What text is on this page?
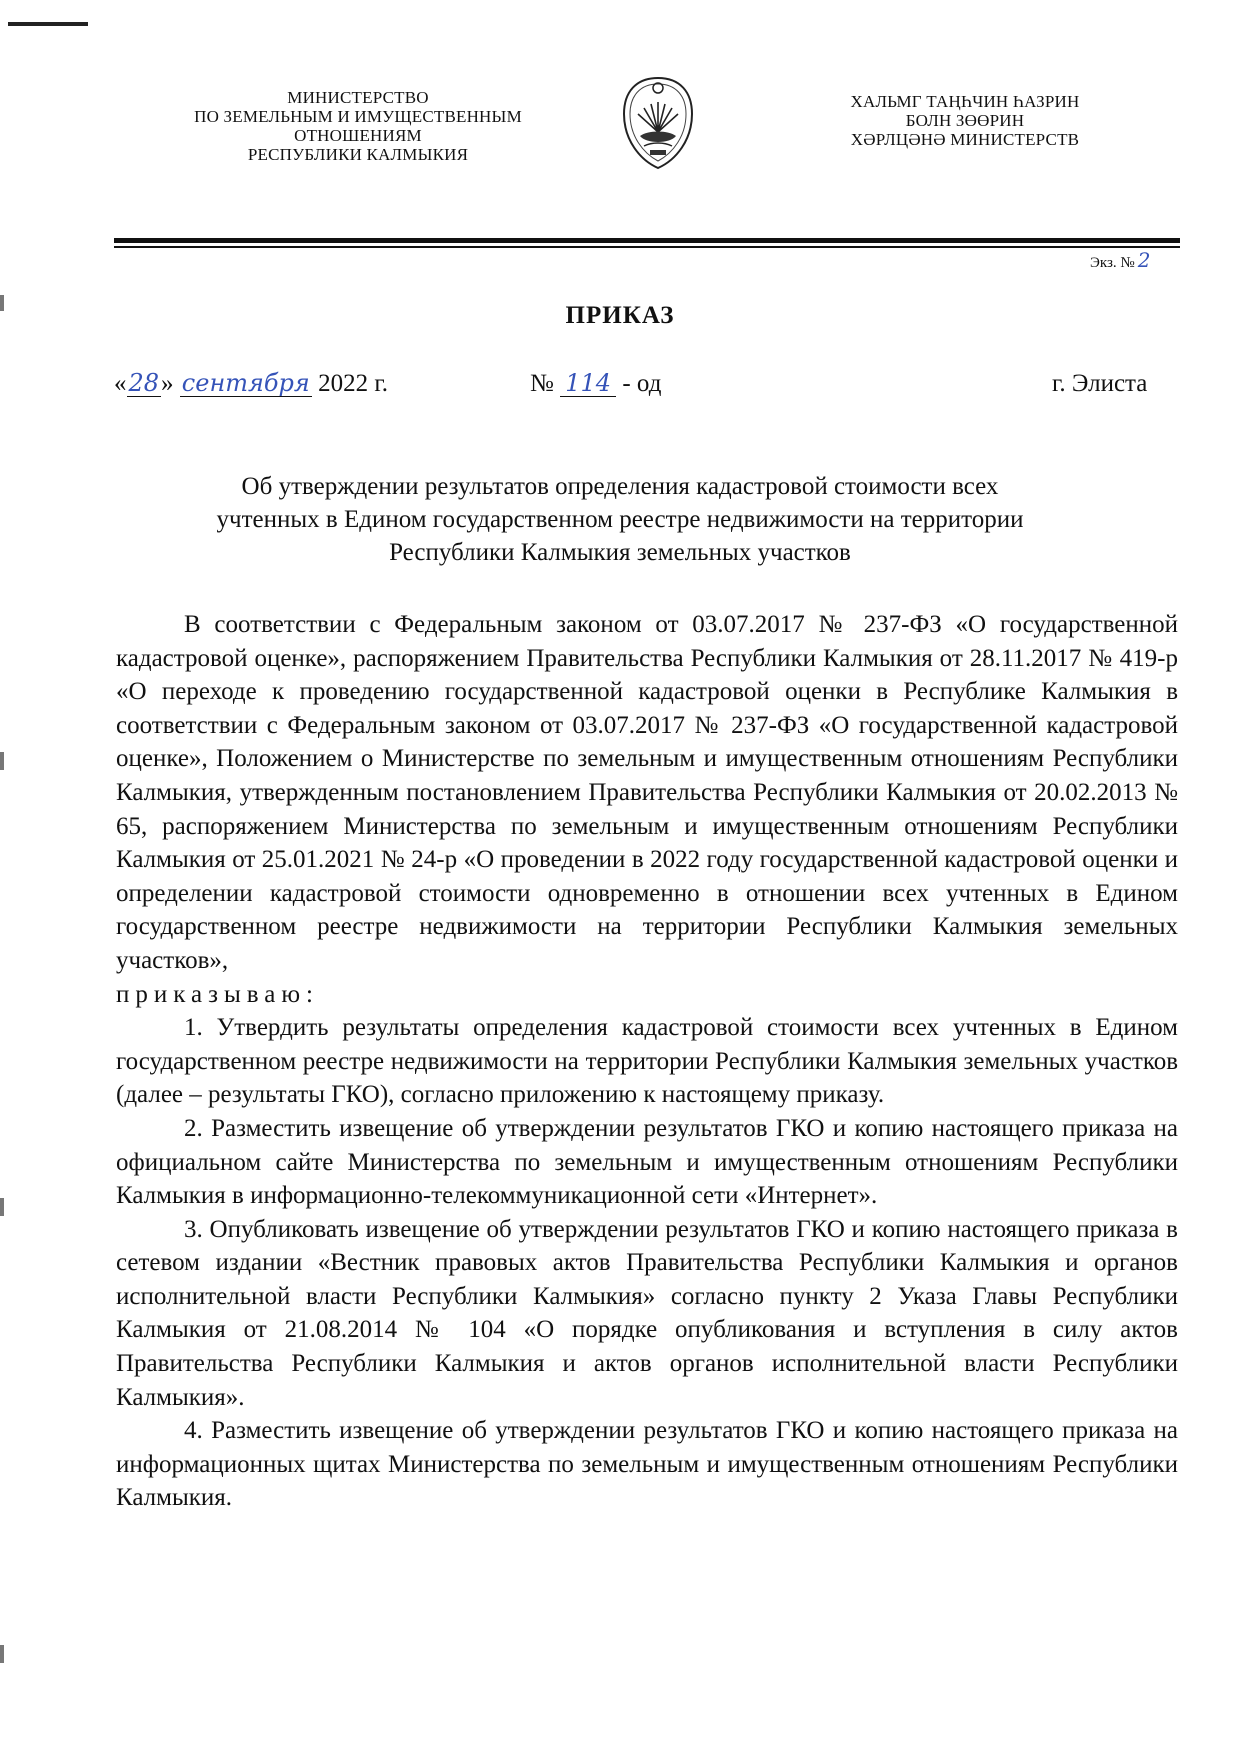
МИНИСТЕРСТВО
ПО ЗЕМЕЛЬНЫМ И ИМУЩЕСТВЕННЫМ
ОТНОШЕНИЯМ
РЕСПУБЛИКИ КАЛМЫКИЯ
ХАЛЬМГ ТАҢҺЧИН ҺАЗРИН
БОЛН ЗӨӨРИН
ХӘРЛЦӘНӘ МИНИСТЕРСТВ
Экз. № 2
ПРИКАЗ
«28» сентября 2022 г.	№ 114 - од	г. Элиста
Об утверждении результатов определения кадастровой стоимости всех
учтенных в Едином государственном реестре недвижимости на территории
Республики Калмыкия земельных участков

В соответствии с Федеральным законом от 03.07.2017 № 237-ФЗ «О государственной кадастровой оценке», распоряжением Правительства Республики Калмыкия от 28.11.2017 № 419-р «О переходе к проведению государственной кадастровой оценки в Республике Калмыкия в соответствии с Федеральным законом от 03.07.2017 № 237-ФЗ «О государственной кадастровой оценке», Положением о Министерстве по земельным и имущественным отношениям Республики Калмыкия, утвержденным постановлением Правительства Республики Калмыкия от 20.02.2013 № 65, распоряжением Министерства по земельным и имущественным отношениям Республики Калмыкия от 25.01.2021 № 24-р «О проведении в 2022 году государственной кадастровой оценки и определении кадастровой стоимости одновременно в отношении всех учтенных в Едином государственном реестре недвижимости на территории Республики Калмыкия земельных участков»,

приказываю:

1. Утвердить результаты определения кадастровой стоимости всех учтенных в Едином государственном реестре недвижимости на территории Республики Калмыкия земельных участков (далее – результаты ГКО), согласно приложению к настоящему приказу.

2. Разместить извещение об утверждении результатов ГКО и копию настоящего приказа на официальном сайте Министерства по земельным и имущественным отношениям Республики Калмыкия в информационно-телекоммуникационной сети «Интернет».

3. Опубликовать извещение об утверждении результатов ГКО и копию настоящего приказа в сетевом издании «Вестник правовых актов Правительства Республики Калмыкия и органов исполнительной власти Республики Калмыкия» согласно пункту 2 Указа Главы Республики Калмыкия от 21.08.2014 № 104 «О порядке опубликования и вступления в силу актов Правительства Республики Калмыкия и актов органов исполнительной власти Республики Калмыкия».

4. Разместить извещение об утверждении результатов ГКО и копию настоящего приказа на информационных щитах Министерства по земельным и имущественным отношениям Республики Калмыкия.
